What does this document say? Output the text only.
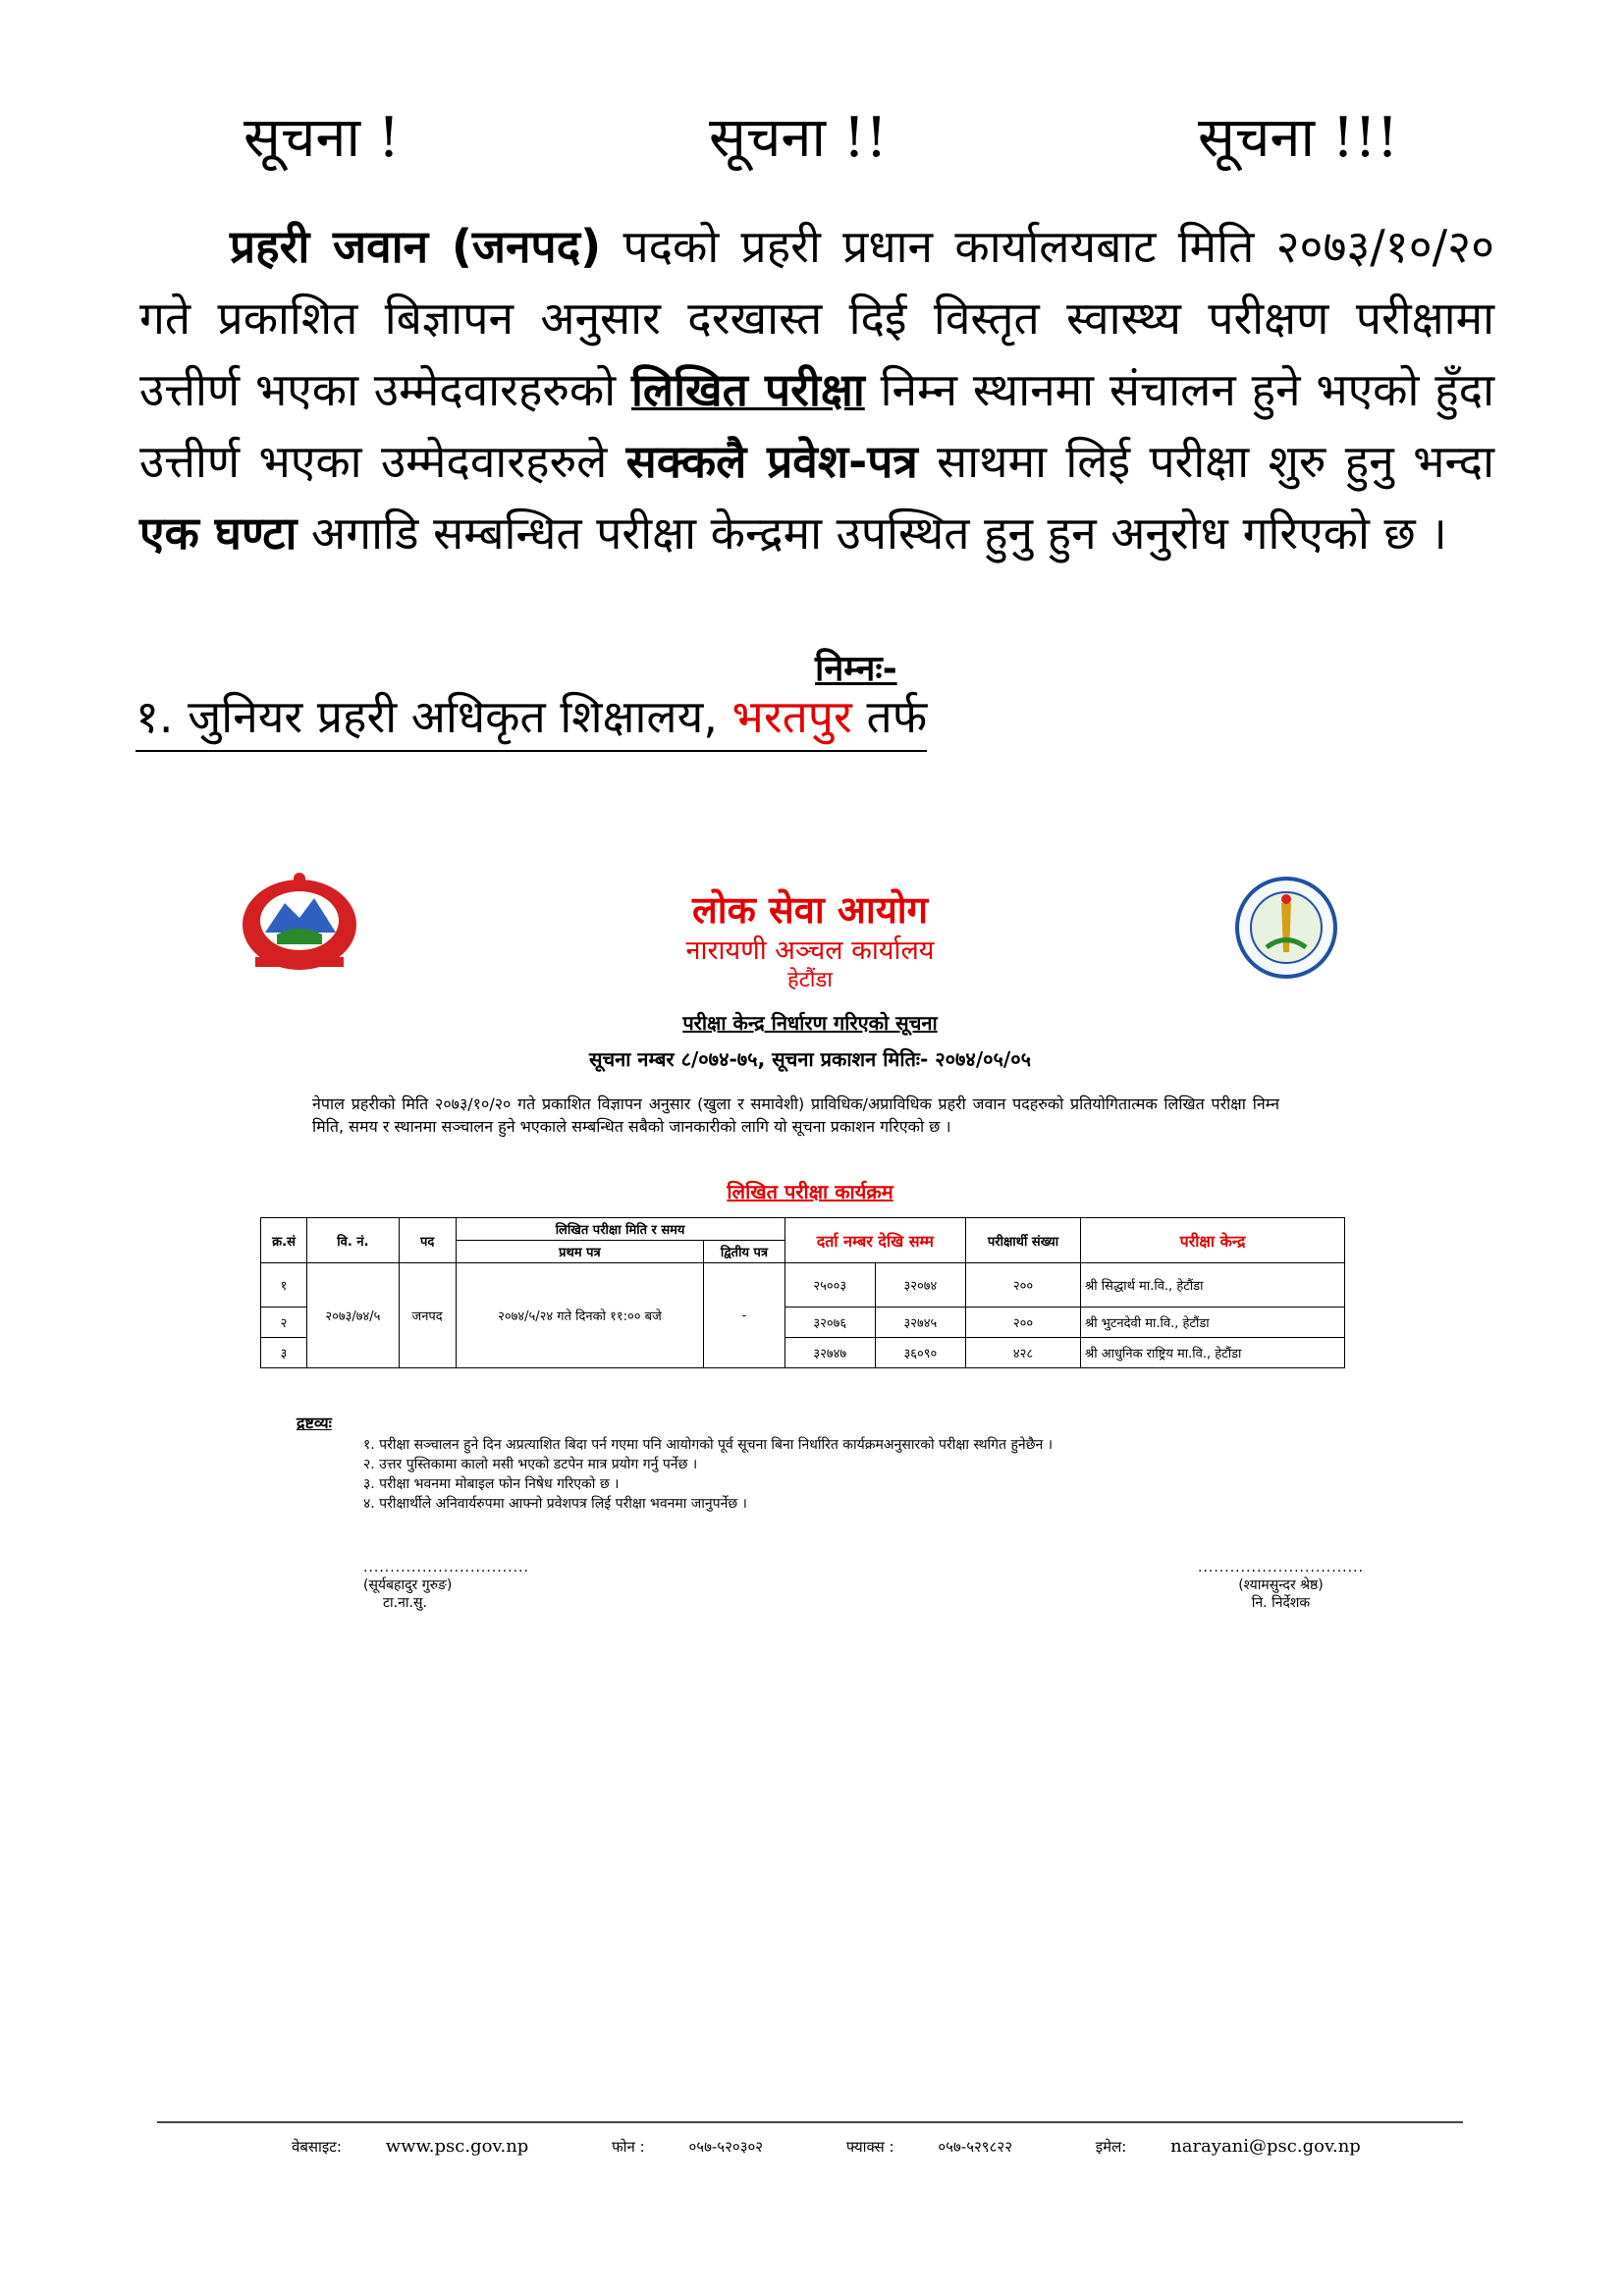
सूचना !	सूचना !!	सूचना !!!
प्रहरी जवान (जनपद) पदको प्रहरी प्रधान कार्यालयबाट मिति २०७३/१०/२० गते प्रकाशित बिज्ञापन अनुसार दरखास्त दिई विस्तृत स्वास्थ्य परीक्षण परीक्षामा उत्तीर्ण भएका उम्मेदवारहरुको लिखित परीक्षा निम्न स्थानमा संचालन हुने भएको हुँदा उत्तीर्ण भएका उम्मेदवारहरुले सक्कलै प्रवेश-पत्र साथमा लिई परीक्षा शुरु हुनु भन्दा एक घण्टा अगाडि सम्बन्धित परीक्षा केन्द्रमा उपस्थित हुनु हुन अनुरोध गरिएको छ ।
निम्नः-
१. जुनियर प्रहरी अधिकृत शिक्षालय, भरतपुर तर्फ
लोक सेवा आयोग
नारायणी अञ्चल कार्यालय
हेटौंडा
परीक्षा केन्द्र निर्धारण गरिएको सूचना
सूचना नम्बर ८/०७४-७५, सूचना प्रकाशन मितिः- २०७४/०५/०५
नेपाल प्रहरीको मिति २०७३/१०/२० गते प्रकाशित विज्ञापन अनुसार (खुला र समावेशी) प्राविधिक/अप्राविधिक प्रहरी जवान पदहरुको प्रतियोगितात्मक लिखित परीक्षा निम्न मिति, समय र स्थानमा सञ्चालन हुने भएकाले सम्बन्धित सबैको जानकारीको लागि यो सूचना प्रकाशन गरिएको छ ।
लिखित परीक्षा कार्यक्रम
क्र.सं	वि. नं.	पद	लिखित परीक्षा मिति र समय		दर्ता नम्बर देखि सम्म		परीक्षार्थी संख्या	परीक्षा केन्द्र
			प्रथम पत्र	द्वितीय पत्र				
१	२०७३/७४/५	जनपद	२०७४/५/२४ गते दिनको ११:०० बजे	-	२५००३	३२०७४	२००	श्री सिद्धार्थ मा.वि., हेटौंडा
२					३२०७६	३२७४५	२००	श्री भुटनदेवी मा.वि., हेटौंडा
३					३२७४७	३६०९०	४२८	श्री आधुनिक राष्ट्रिय मा.वि., हेटौंडा
द्रष्टव्यः
१. परीक्षा सञ्चालन हुने दिन अप्रत्याशित बिदा पर्न गएमा पनि आयोगको पूर्व सूचना बिना निर्धारित कार्यक्रमअनुसारको परीक्षा स्थगित हुनेछैन ।
२. उत्तर पुस्तिकामा कालो मसी भएको डटपेन मात्र प्रयोग गर्नु पर्नेछ ।
३. परीक्षा भवनमा मोबाइल फोन निषेध गरिएको छ ।
४. परीक्षार्थीले अनिवार्यरुपमा आफ्नो प्रवेशपत्र लिई परीक्षा भवनमा जानुपर्नेछ ।
...............................
(सूर्यबहादुर गुरुङ)
टा.ना.सु.
...............................
(श्यामसुन्दर श्रेष्ठ)
नि. निर्देशक
वेबसाइट: www.psc.gov.np	फोन :	०५७-५२०३०२	फ्याक्स :	०५७-५२९८२२	इमेल: narayani@psc.gov.np
